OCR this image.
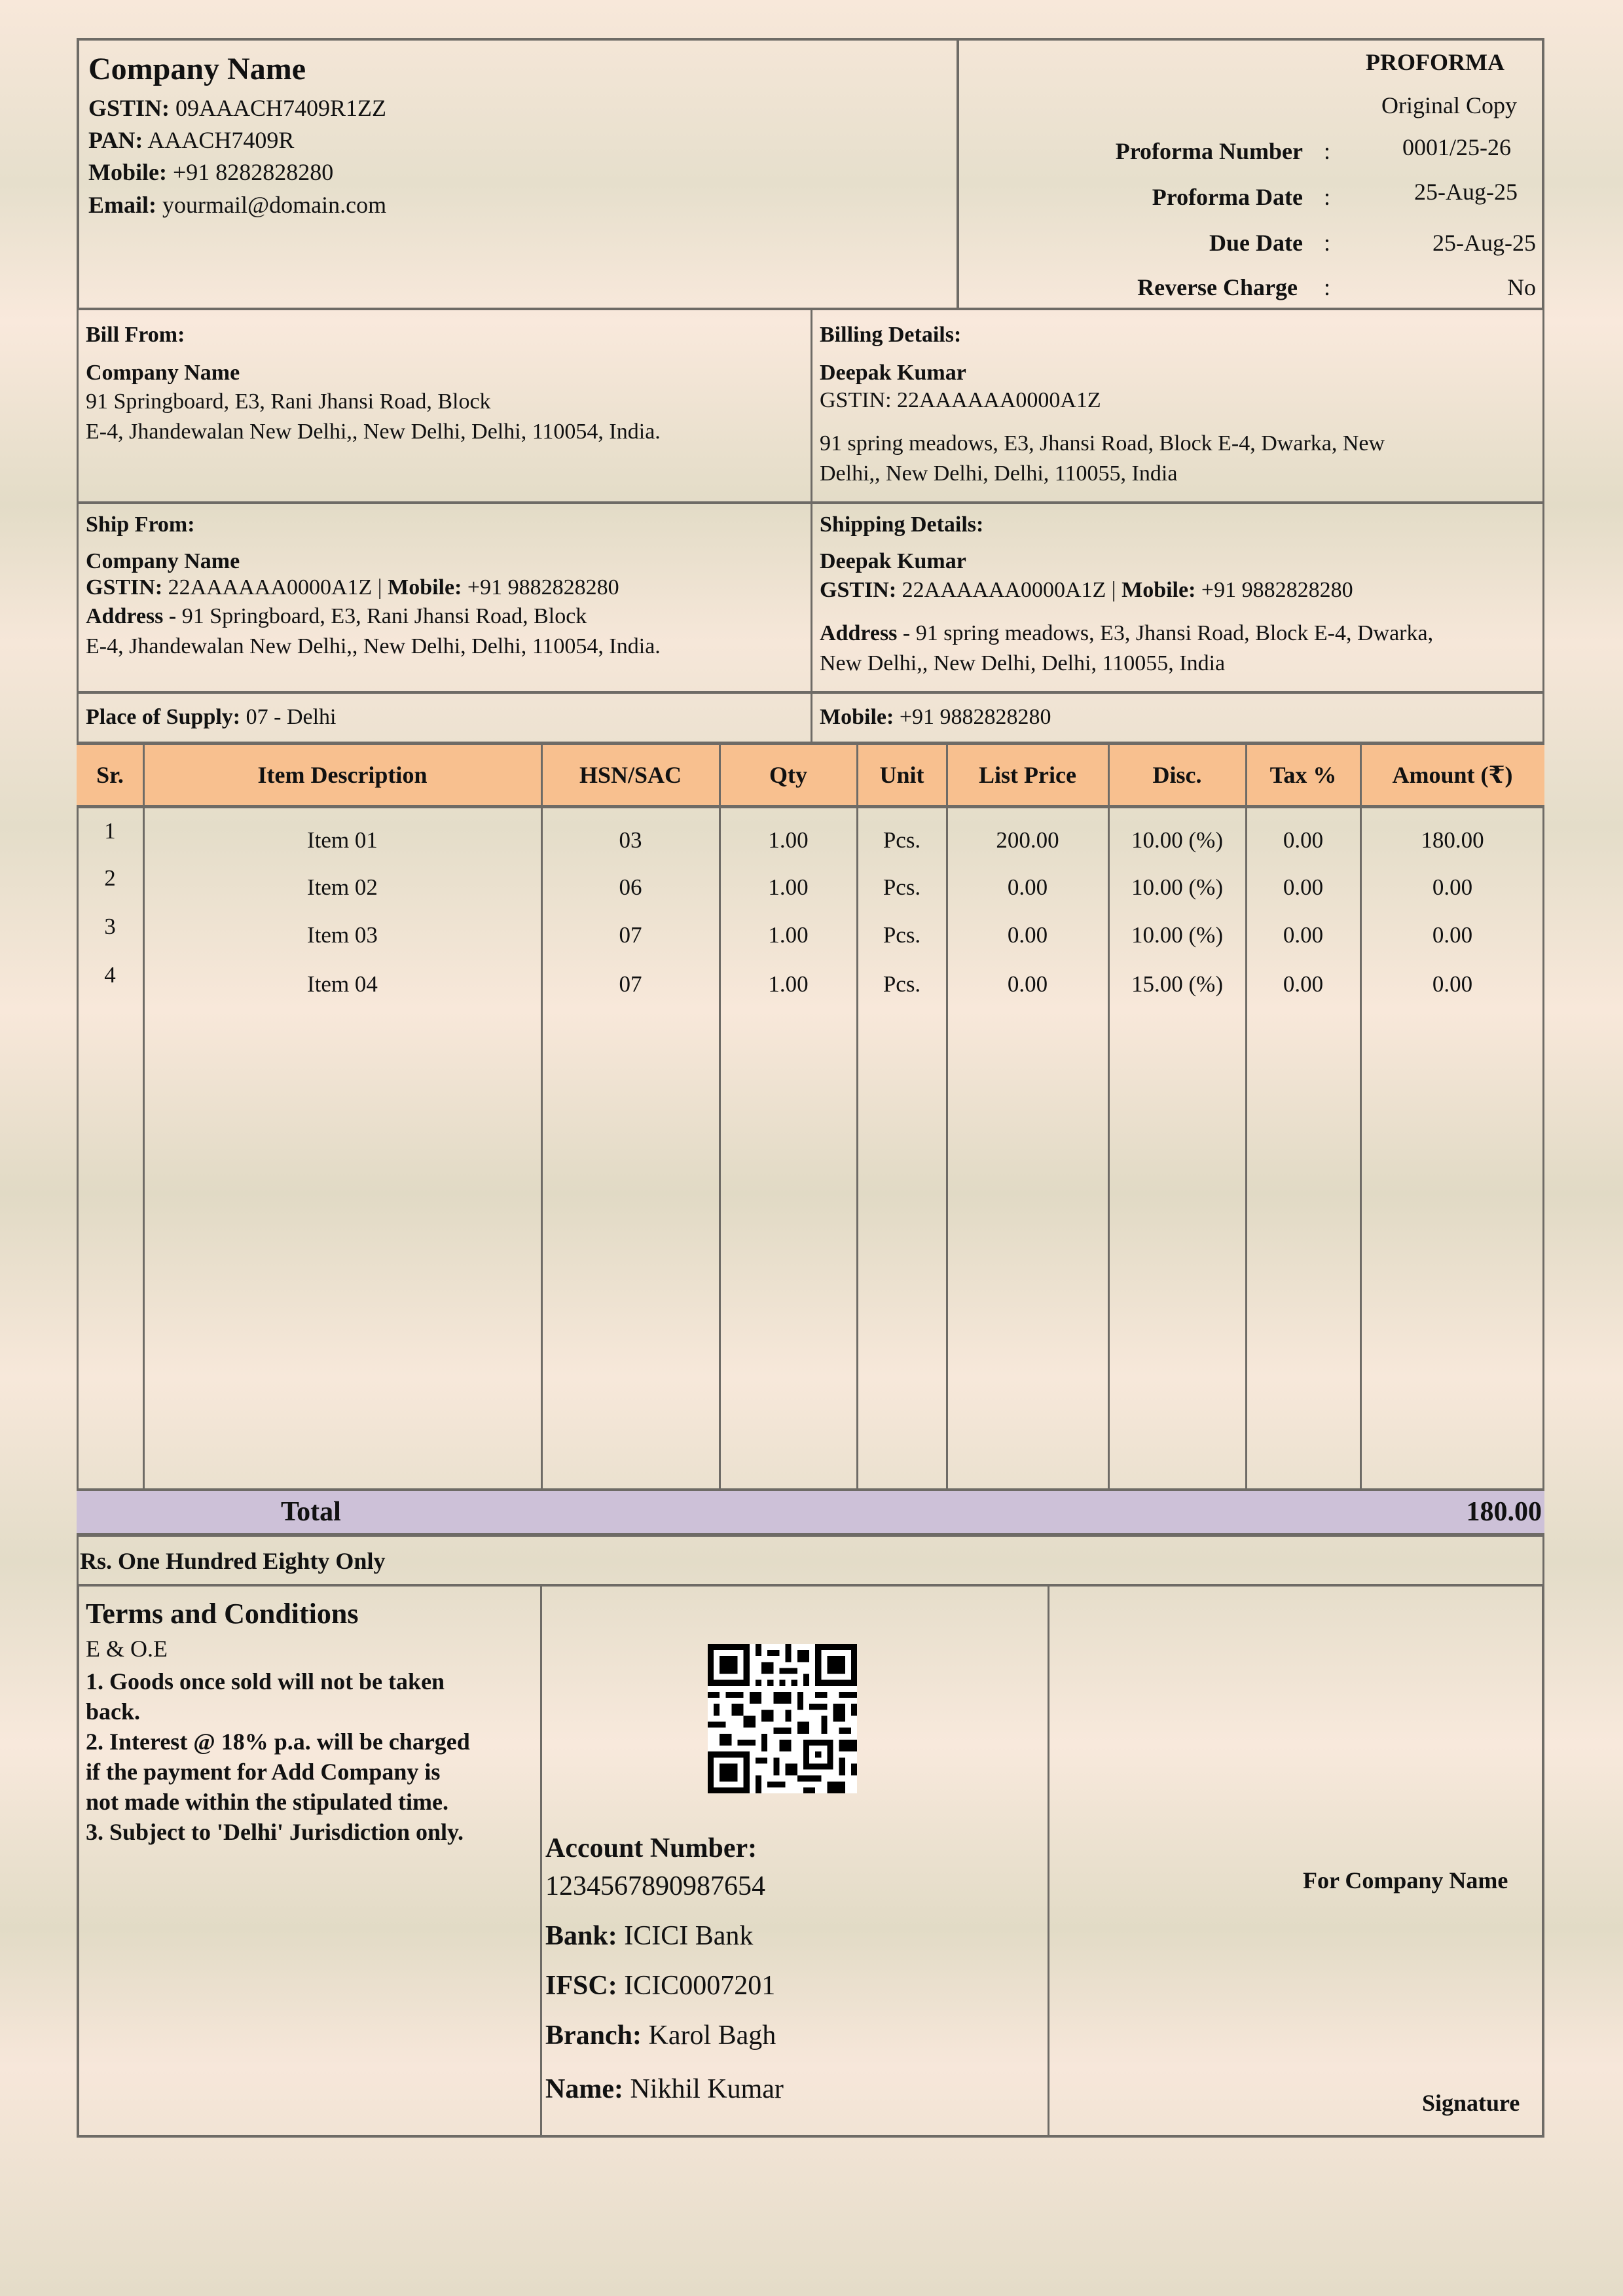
Company Name
GSTIN: 09AAACH7409R1ZZ
PAN: AAACH7409R
Mobile: +91 8282828280
Email: yourmail@domain.com
PROFORMA
Original Copy
Proforma Number :	0001/25-26
Proforma Date :	25-Aug-25
Due Date :	25-Aug-25
Reverse Charge :	No
Bill From:
Company Name
91 Springboard, E3, Rani Jhansi Road, Block
E-4, Jhandewalan New Delhi,, New Delhi, Delhi, 110054, India.
Billing Details:
Deepak Kumar
GSTIN: 22AAAAAA0000A1Z
91 spring meadows, E3, Jhansi Road, Block E-4, Dwarka, New
Delhi,, New Delhi, Delhi, 110055, India
Ship From:
Company Name
GSTIN: 22AAAAAA0000A1Z | Mobile: +91 9882828280
Address - 91 Springboard, E3, Rani Jhansi Road, Block
E-4, Jhandewalan New Delhi,, New Delhi, Delhi, 110054, India.
Shipping Details:
Deepak Kumar
GSTIN: 22AAAAAA0000A1Z | Mobile: +91 9882828280
Address - 91 spring meadows, E3, Jhansi Road, Block E-4, Dwarka,
New Delhi,, New Delhi, Delhi, 110055, India
Place of Supply: 07 - Delhi	Mobile: +91 9882828280
Sr.	Item Description	HSN/SAC	Qty	Unit	List Price	Disc.	Tax %	Amount (₹)
1	Item 01	03	1.00	Pcs.	200.00	10.00 (%)	0.00	180.00
2	Item 02	06	1.00	Pcs.	0.00	10.00 (%)	0.00	0.00
3	Item 03	07	1.00	Pcs.	0.00	10.00 (%)	0.00	0.00
4	Item 04	07	1.00	Pcs.	0.00	15.00 (%)	0.00	0.00
Total	180.00
Rs. One Hundred Eighty Only
Terms and Conditions
E & O.E
1. Goods once sold will not be taken
back.
2. Interest @ 18% p.a. will be charged
if the payment for Add Company is
not made within the stipulated time.
3. Subject to 'Delhi' Jurisdiction only.
Account Number:
1234567890987654
Bank: ICICI Bank
IFSC: ICIC0007201
Branch: Karol Bagh
Name: Nikhil Kumar
For Company Name
Signature
